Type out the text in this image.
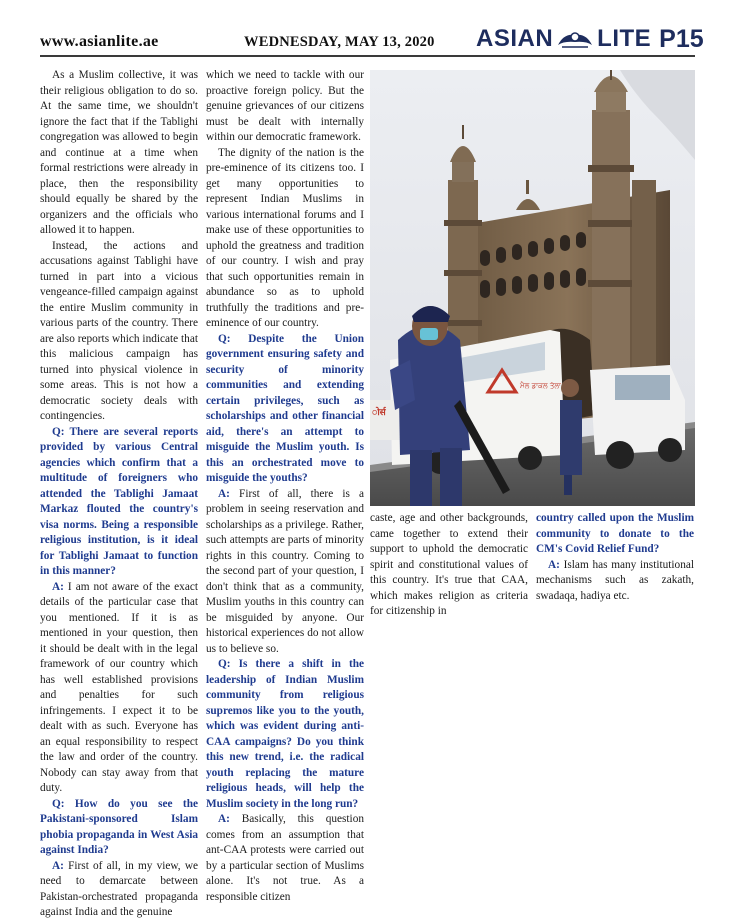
www.asianlite.ae	WEDNESDAY, MAY 13, 2020 ASIAN LITE P15

As a Muslim collective, it was their religious obligation to do so. At the same time, we shouldn't ignore the fact that if the Tablighi congregation was allowed to begin and continue at a time when formal restrictions were already in place, then the responsibility should equally be shared by the organizers and the officials who allowed it to happen.

Instead, the actions and accusations against Tablighi have turned in part into a vicious vengeance-filled campaign against the entire Muslim community in various parts of the country. There are also reports which indicate that this malicious campaign has turned into physical violence in some areas. This is not how a democratic society deals with contingencies.

Q: There are several reports provided by various Central agencies which confirm that a multitude of foreigners who attended the Tablighi Jamaat Markaz flouted the country's visa norms. Being a responsible religious institution, is it ideal for Tablighi Jamaat to function in this manner?

A: I am not aware of the exact details of the particular case that you mentioned. If it is as mentioned in your question, then it should be dealt with in the legal framework of our country which has well established provisions and penalties for such infringements. I expect it to be dealt with as such. Everyone has an equal responsibility to respect the law and order of the country. Nobody can stay away from that duty.

Q: How do you see the Pakistani-sponsored Islam phobia propaganda in West Asia against India?

A: First of all, in my view, we need to demarcate between Pakistan-orchestrated propaganda against India and the genuine

which we need to tackle with our proactive foreign policy. But the genuine grievances of our citizens must be dealt with internally within our democratic framework.

The dignity of the nation is the pre-eminence of its citizens too. I get many opportunities to represent Indian Muslims in various international forums and I make use of these opportunities to uphold the greatness and tradition of our country. I wish and pray that such opportunities remain in abundance so as to uphold truthfully the traditions and pre-eminence of our country.

Q: Despite the Union government ensuring safety and security of minority communities and extending certain privileges, such as scholarships and other financial aid, there's an attempt to misguide the Muslim youth. Is this an orchestrated move to misguide the youths?

A: First of all, there is a problem in seeing reservation and scholarships as a privilege. Rather, such attempts are parts of minority rights in this country. Coming to the second part of your question, I don't think that as a community, Muslim youths in this country can be misguided by anyone. Our historical experiences do not allow us to believe so.

Q: Is there a shift in the leadership of Indian Muslim community from religious supremos like you to the youth, which was evident during anti-CAA campaigns? Do you think this new trend, i.e. the radical youth replacing the mature religious heads, will help the Muslim society in the long run?

A: Basically, this question comes from an assumption that ant-CAA protests were carried out by a particular section of Muslims alone. It's not true. As a responsible citizen

ोर्स
ਮੈਲ ਡਾਕਲ ਤੇਲਾ

caste, age and other backgrounds, came together to extend their support to uphold the democratic spirit and constitutional values of this country. It's true that CAA, which makes religion as criteria for citizenship in

country called upon the Muslim community to donate to the CM's Covid Relief Fund?

A: Islam has many institutional mechanisms such as zakath, swadaqa, hadiya etc.
